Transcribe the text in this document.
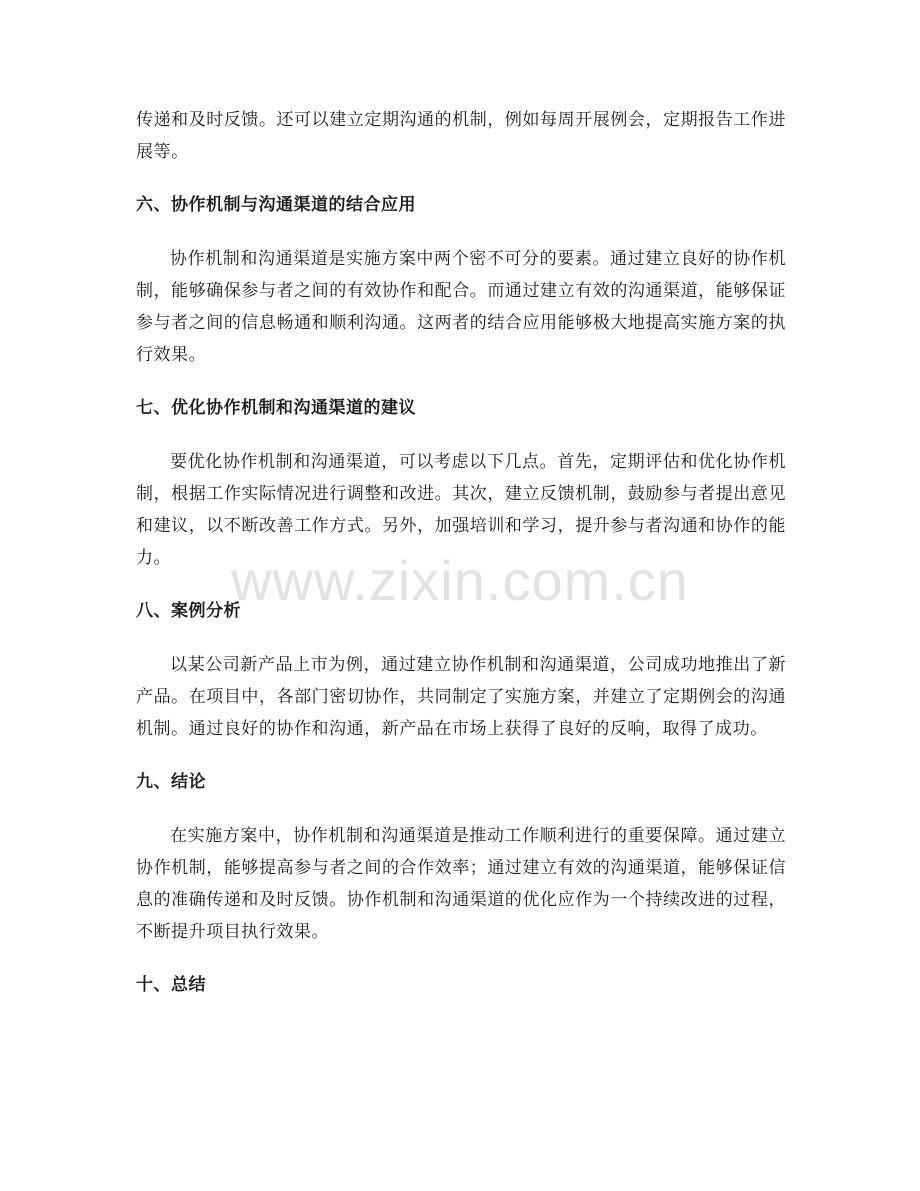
传递和及时反馈。还可以建立定期沟通的机制，例如每周开展例会，定期报告工作进展等。

六、协作机制与沟通渠道的结合应用

协作机制和沟通渠道是实施方案中两个密不可分的要素。通过建立良好的协作机制，能够确保参与者之间的有效协作和配合。而通过建立有效的沟通渠道，能够保证参与者之间的信息畅通和顺利沟通。这两者的结合应用能够极大地提高实施方案的执行效果。

七、优化协作机制和沟通渠道的建议

要优化协作机制和沟通渠道，可以考虑以下几点。首先，定期评估和优化协作机制，根据工作实际情况进行调整和改进。其次，建立反馈机制，鼓励参与者提出意见和建议，以不断改善工作方式。另外，加强培训和学习，提升参与者沟通和协作的能力。

八、案例分析

以某公司新产品上市为例，通过建立协作机制和沟通渠道，公司成功地推出了新产品。在项目中，各部门密切协作，共同制定了实施方案，并建立了定期例会的沟通机制。通过良好的协作和沟通，新产品在市场上获得了良好的反响，取得了成功。

九、结论

在实施方案中，协作机制和沟通渠道是推动工作顺利进行的重要保障。通过建立协作机制，能够提高参与者之间的合作效率；通过建立有效的沟通渠道，能够保证信息的准确传递和及时反馈。协作机制和沟通渠道的优化应作为一个持续改进的过程，不断提升项目执行效果。

十、总结
www.zixin.com.cn
